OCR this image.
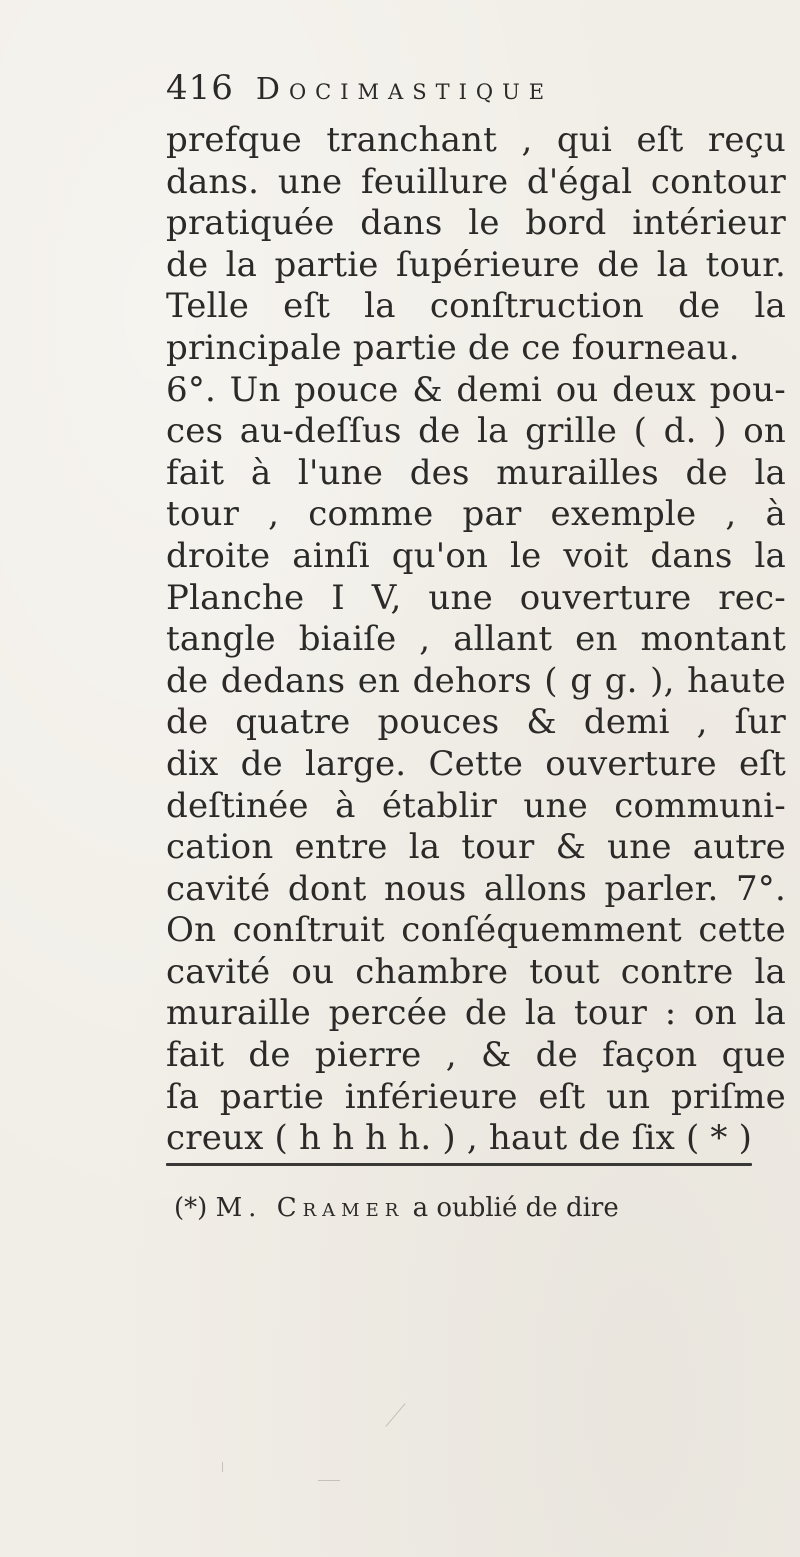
416 Docimastique
prefque tranchant , qui eſt reçu
dans. une feuillure d'égal contour
pratiquée dans le bord intérieur
de la partie ſupérieure de la tour.
Telle eſt la conſtruction de la
principale partie de ce fourneau.
6°. Un pouce & demi ou deux pou-
ces au-deſſus de la grille ( d. ) on
fait à l'une des murailles de la
tour , comme par exemple , à
droite ainſi qu'on le voit dans la
Planche I V, une ouverture rec-
tangle biaiſe , allant en montant
de dedans en dehors ( g g. ), haute
de quatre pouces & demi , ſur
dix de large. Cette ouverture eſt
deſtinée à établir une communi-
cation entre la tour & une autre
cavité dont nous allons parler. 7°.
On conſtruit conſéquemment cette
cavité ou chambre tout contre la
muraille percée de la tour : on la
fait de pierre , & de façon que
ſa partie inférieure eſt un priſme
creux ( h h h h. ) , haut de ſix ( * )
(*) M. Cramer a oublié de dire
